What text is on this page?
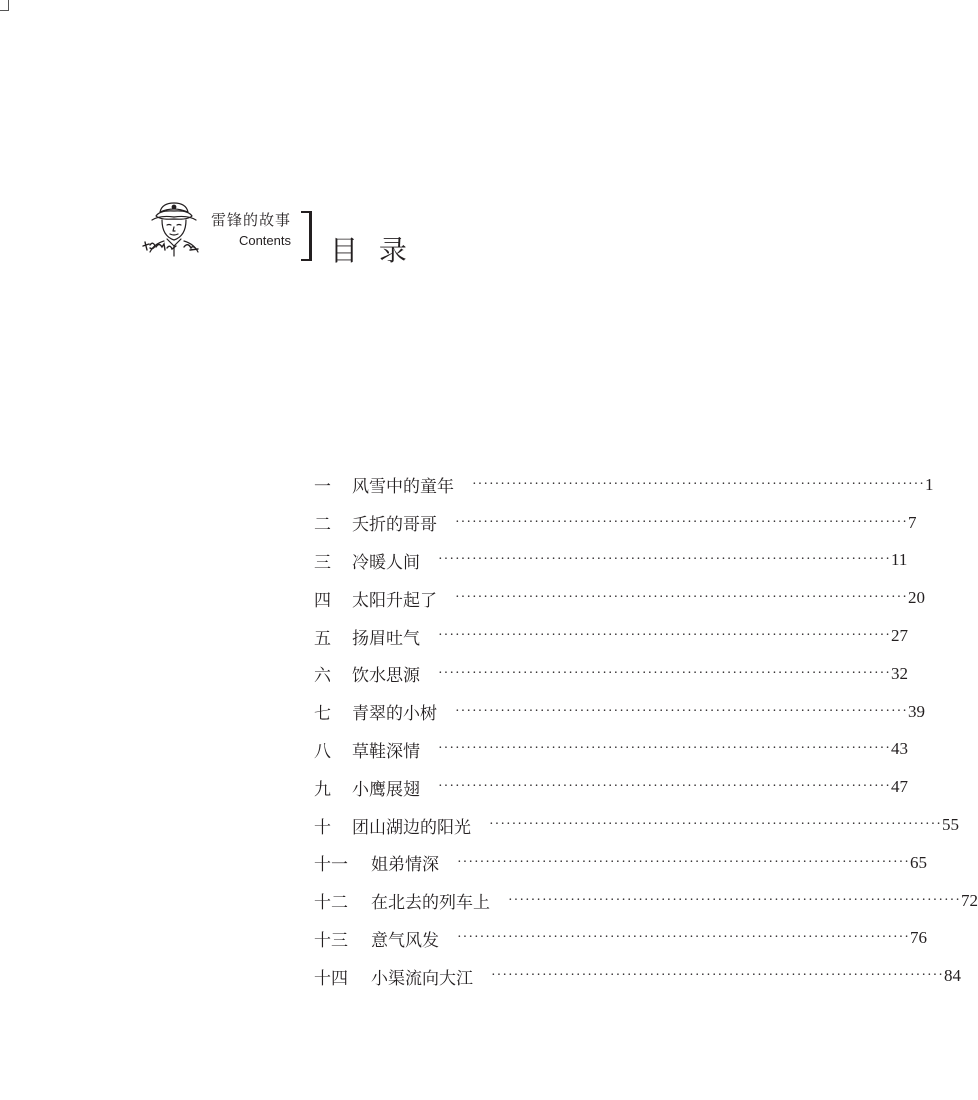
雷锋的故事
Contents 目 录
一	风雪中的童年 ················································································ 1
二	夭折的哥哥 ················································································ 7
三	冷暖人间 ················································································ 11
四	太阳升起了 ················································································ 20
五	扬眉吐气 ················································································ 27
六	饮水思源 ················································································ 32
七	青翠的小树 ················································································ 39
八	草鞋深情 ················································································ 43
九	小鹰展翅 ················································································ 47
十	团山湖边的阳光 ················································································ 55
十一	姐弟情深 ················································································ 65
十二	在北去的列车上 ················································································ 72
十三	意气风发 ················································································ 76
十四	小渠流向大江 ················································································ 84
